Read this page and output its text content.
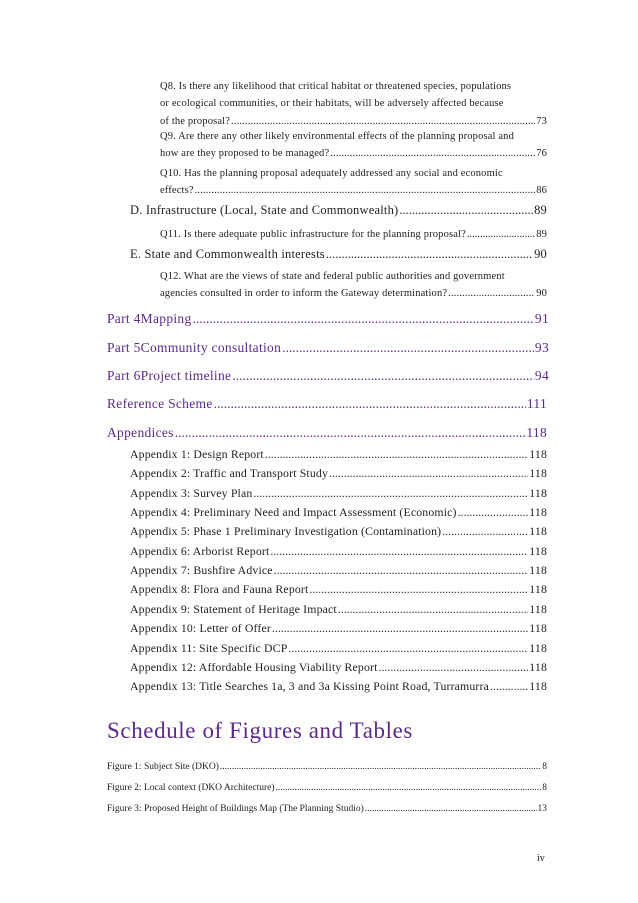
Q8. Is there any likelihood that critical habitat or threatened species, populations
or ecological communities, or their habitats, will be adversely affected because
of the proposal? .....	73
Q9. Are there any other likely environmental effects of the planning proposal and
how are they proposed to be managed? .....	76
Q10. Has the planning proposal adequately addressed any social and economic
effects? .....	86
D. Infrastructure (Local, State and Commonwealth) .....	89
Q11. Is there adequate public infrastructure for the planning proposal? .....	89
E. State and Commonwealth interests .....	90
Q12. What are the views of state and federal public authorities and government
agencies consulted in order to inform the Gateway determination? .....	90
Part 4 Mapping .....	91
Part 5 Community consultation .....	93
Part 6 Project timeline .....	94
Reference Scheme .....	111
Appendices .....	118
Appendix 1: Design Report .....	118
Appendix 2: Traffic and Transport Study .....	118
Appendix 3: Survey Plan .....	118
Appendix 4: Preliminary Need and Impact Assessment (Economic) .....	118
Appendix 5: Phase 1 Preliminary Investigation (Contamination) .....	118
Appendix 6: Arborist Report .....	118
Appendix 7: Bushfire Advice .....	118
Appendix 8: Flora and Fauna Report .....	118
Appendix 9: Statement of Heritage Impact .....	118
Appendix 10: Letter of Offer .....	118
Appendix 11: Site Specific DCP .....	118
Appendix 12: Affordable Housing Viability Report .....	118
Appendix 13: Title Searches 1a, 3 and 3a Kissing Point Road, Turramurra .....	118
Schedule of Figures and Tables
Figure 1: Subject Site (DKO) .....	8
Figure 2: Local context (DKO Architecture) .....	8
Figure 3: Proposed Height of Buildings Map (The Planning Studio) .....	13
iv
